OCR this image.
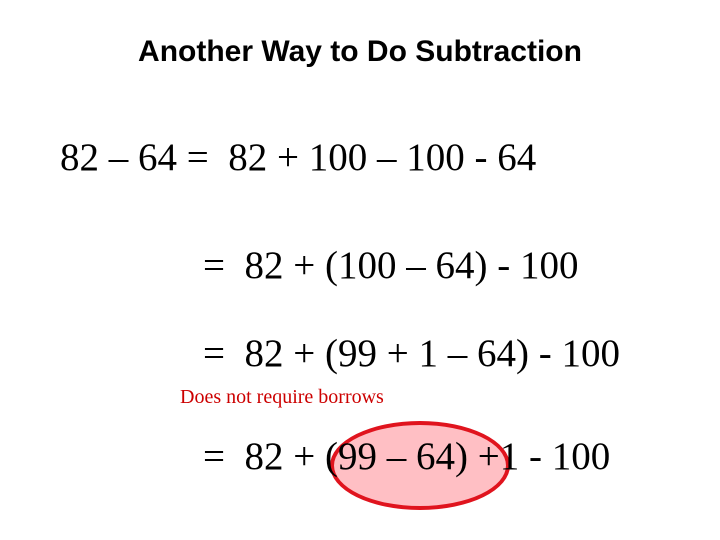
Another Way to Do Subtraction
82 – 64 =  82 + 100 – 100 - 64
=  82 + (100 – 64) - 100
=  82 + (99 + 1 – 64) - 100
Does not require borrows
=  82 + (99 – 64) +1 - 100
